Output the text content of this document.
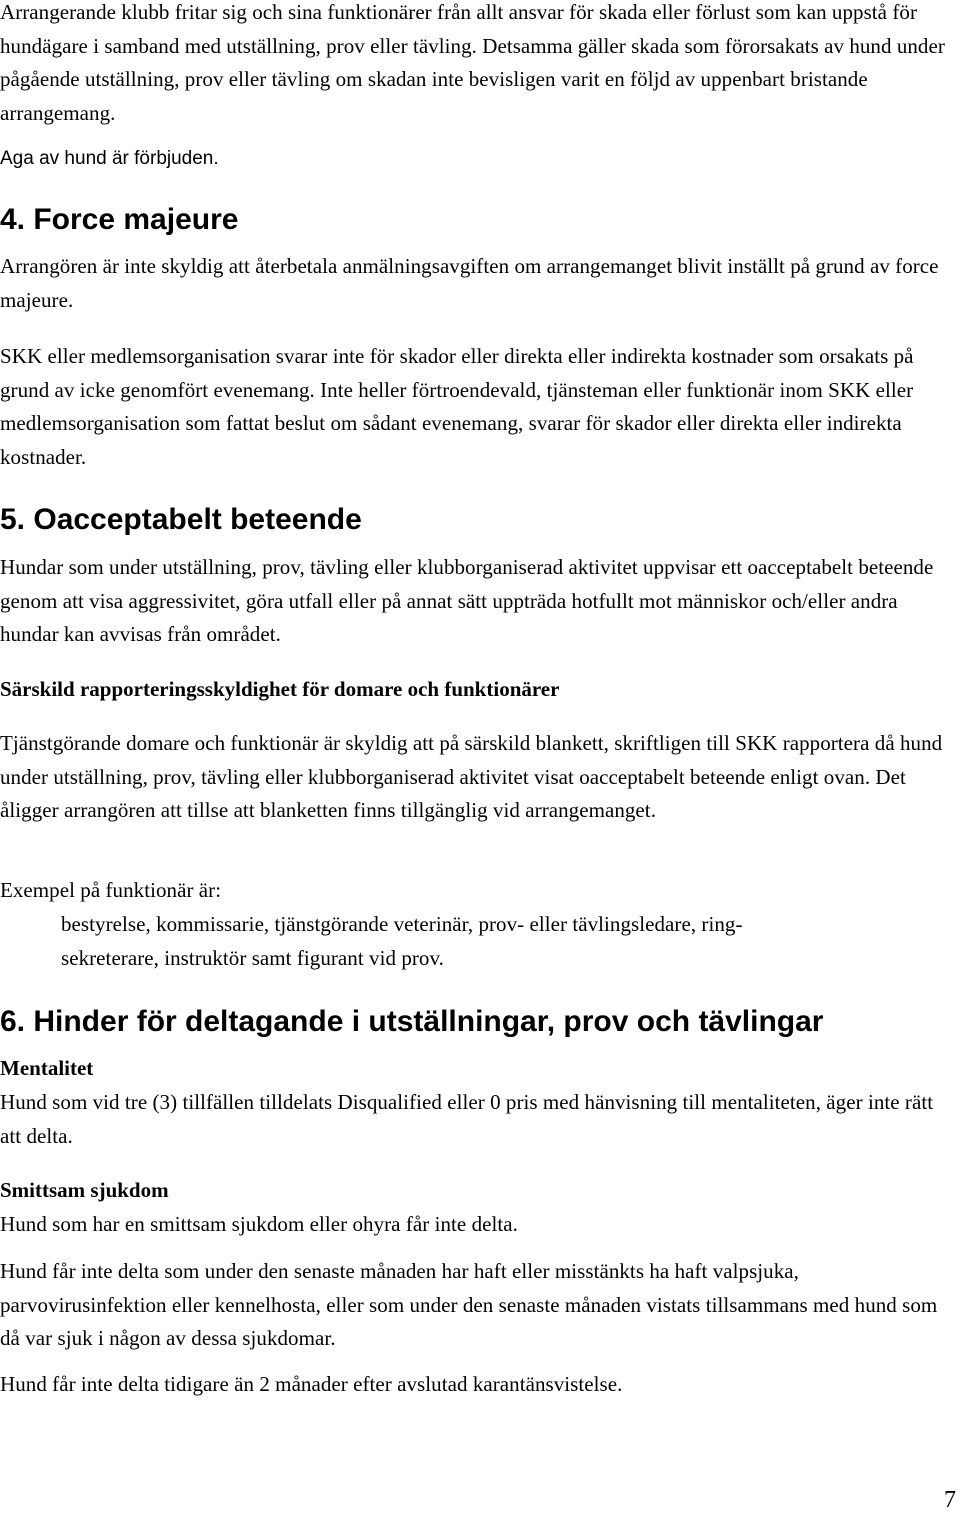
Arrangerande klubb fritar sig och sina funktionärer från allt ansvar för skada eller förlust som kan uppstå för hundägare i samband med utställning, prov eller tävling. Detsamma gäller skada som förorsakats av hund under pågående utställning, prov eller tävling om skadan inte bevisligen varit en följd av uppenbart bristande arrangemang.

Aga av hund är förbjuden.

4. Force majeure

Arrangören är inte skyldig att återbetala anmälningsavgiften om arrangemanget blivit inställt på grund av force majeure.

SKK eller medlemsorganisation svarar inte för skador eller direkta eller indirekta kostnader som orsakats på grund av icke genomfört evenemang. Inte heller förtroendevald, tjänsteman eller funktionär inom SKK eller medlemsorganisation som fattat beslut om sådant evenemang, svarar för skador eller direkta eller indirekta kostnader.

5. Oacceptabelt beteende

Hundar som under utställning, prov, tävling eller klubborganiserad aktivitet uppvisar ett oacceptabelt beteende genom att visa aggressivitet, göra utfall eller på annat sätt uppträda hotfullt mot människor och/eller andra hundar kan avvisas från området.

Särskild rapporteringsskyldighet för domare och funktionärer

Tjänstgörande domare och funktionär är skyldig att på särskild blankett, skriftligen till SKK rapportera då hund under utställning, prov, tävling eller klubborganiserad aktivitet visat oacceptabelt beteende enligt ovan. Det åligger arrangören att tillse att blanketten finns tillgänglig vid arrangemanget.

Exempel på funktionär är:

bestyrelse, kommissarie, tjänstgörande veterinär, prov- eller tävlingsledare, ring-

sekreterare, instruktör samt figurant vid prov.

6. Hinder för deltagande i utställningar, prov och tävlingar
Mentalitet

Hund som vid tre (3) tillfällen tilldelats Disqualified eller 0 pris med hänvisning till mentaliteten, äger inte rätt att delta.

Smittsam sjukdom

Hund som har en smittsam sjukdom eller ohyra får inte delta.

Hund får inte delta som under den senaste månaden har haft eller misstänkts ha haft valpsjuka, parvovirusinfektion eller kennelhosta, eller som under den senaste månaden vistats tillsammans med hund som då var sjuk i någon av dessa sjukdomar.

Hund får inte delta tidigare än 2 månader efter avslutad karantänsvistelse.

7
